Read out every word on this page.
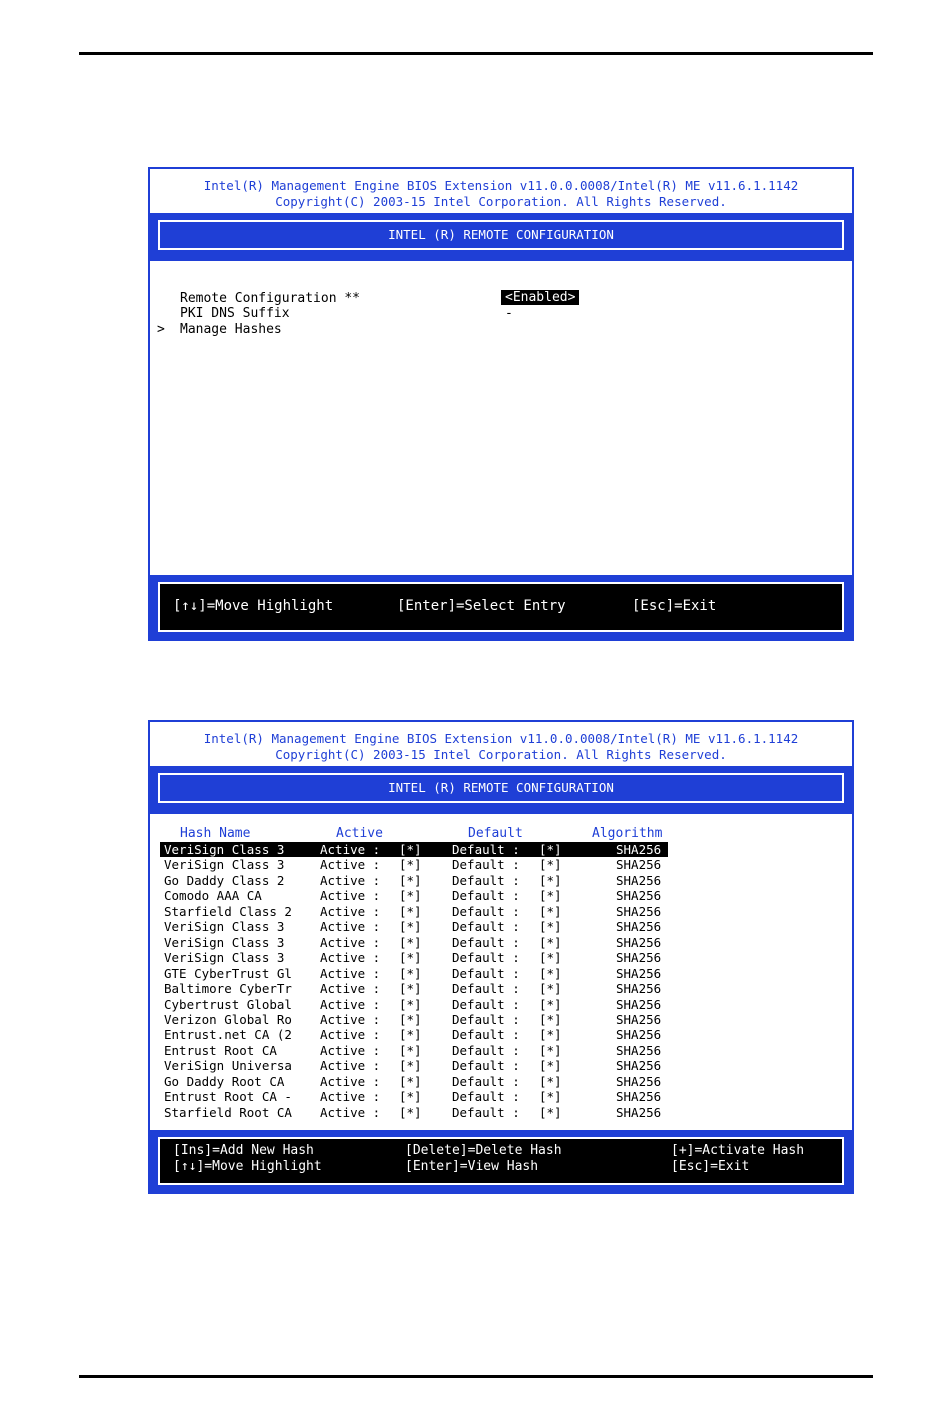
Intel(R) Management Engine BIOS Extension v11.0.0.0008/Intel(R) ME v11.6.1.1142
Copyright(C) 2003-15 Intel Corporation. All Rights Reserved.
INTEL (R) REMOTE CONFIGURATION
Remote Configuration **	<Enabled>
PKI DNS Suffix	-
> Manage Hashes
[↑↓]=Move Highlight	[Enter]=Select Entry	[Esc]=Exit
Intel(R) Management Engine BIOS Extension v11.0.0.0008/Intel(R) ME v11.6.1.1142
Copyright(C) 2003-15 Intel Corporation. All Rights Reserved.
INTEL (R) REMOTE CONFIGURATION
Hash Name	Active	Default	Algorithm
VeriSign Class 3	Active : [*] Default : [*]	SHA256
VeriSign Class 3	Active : [*] Default : [*]	SHA256
Go Daddy Class 2	Active : [*] Default : [*]	SHA256
Comodo AAA CA	Active : [*] Default : [*]	SHA256
Starfield Class 2 Active : [*] Default : [*]	SHA256
VeriSign Class 3	Active : [*] Default : [*]	SHA256
VeriSign Class 3	Active : [*] Default : [*]	SHA256
VeriSign Class 3	Active : [*] Default : [*]	SHA256
GTE CyberTrust Gl Active : [*] Default : [*]	SHA256
Baltimore CyberTr Active : [*] Default : [*]	SHA256
Cybertrust Global Active : [*] Default : [*]	SHA256
Verizon Global Ro Active : [*] Default : [*]	SHA256
Entrust.net CA (2 Active : [*] Default : [*]	SHA256
Entrust Root CA	Active : [*] Default : [*]	SHA256
VeriSign Universa Active : [*] Default : [*]	SHA256
Go Daddy Root CA	Active : [*] Default : [*]	SHA256
Entrust Root CA - Active : [*] Default : [*]	SHA256
Starfield Root CA Active : [*] Default : [*]	SHA256
[Ins]=Add New Hash	[Delete]=Delete Hash	[+]=Activate Hash
[↑↓]=Move Highlight	[Enter]=View Hash	[Esc]=Exit
